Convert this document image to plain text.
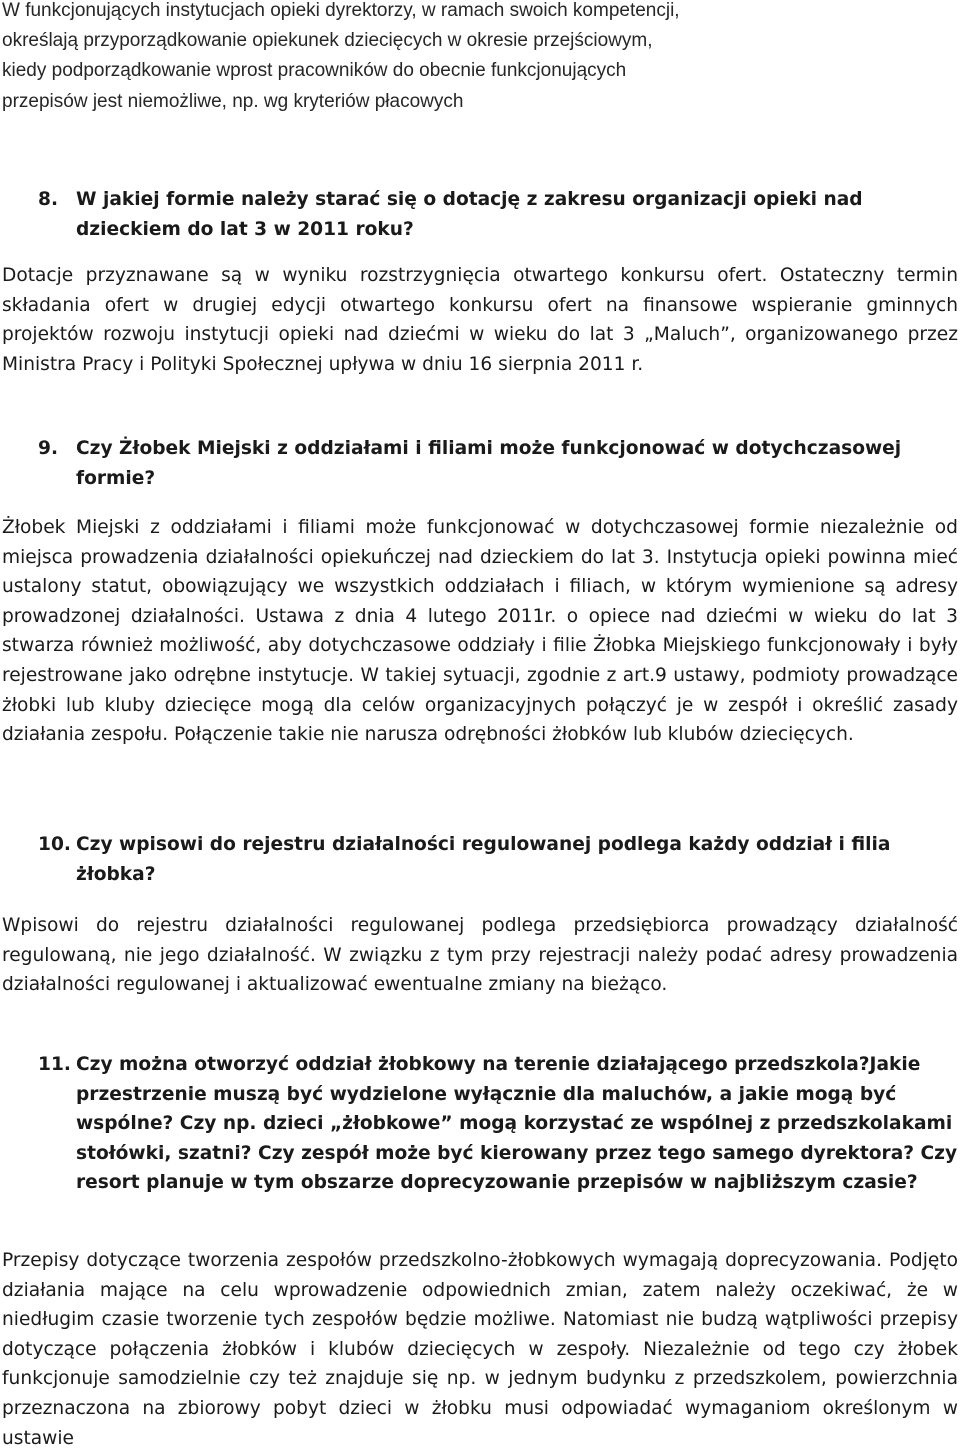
W funkcjonujących instytucjach opieki dyrektorzy, w ramach swoich kompetencji, określają przyporządkowanie opiekunek dziecięcych w okresie przejściowym, kiedy podporządkowanie wprost pracowników do obecnie funkcjonujących przepisów jest niemożliwe, np. wg kryteriów płacowych

8. W jakiej formie należy starać się o dotację z zakresu organizacji opieki nad dzieckiem do lat 3 w 2011 roku?

Dotacje przyznawane są w wyniku rozstrzygnięcia otwartego konkursu ofert. Ostateczny termin składania ofert w drugiej edycji otwartego konkursu ofert na finansowe wspieranie gminnych projektów rozwoju instytucji opieki nad dziećmi w wieku do lat 3 „Maluch”, organizowanego przez Ministra Pracy i Polityki Społecznej upływa w dniu 16 sierpnia 2011 r.

9. Czy Żłobek Miejski z oddziałami i filiami może funkcjonować w dotychczasowej formie?

Żłobek Miejski z oddziałami i filiami może funkcjonować w dotychczasowej formie niezależnie od miejsca prowadzenia działalności opiekuńczej nad dzieckiem do lat 3. Instytucja opieki powinna mieć ustalony statut, obowiązujący we wszystkich oddziałach i filiach, w którym wymienione są adresy prowadzonej działalności. Ustawa z dnia 4 lutego 2011r. o opiece nad dziećmi w wieku do lat 3 stwarza również możliwość, aby dotychczasowe oddziały i filie Żłobka Miejskiego funkcjonowały i były rejestrowane jako odrębne instytucje. W takiej sytuacji, zgodnie z art.9 ustawy, podmioty prowadzące żłobki lub kluby dziecięce mogą dla celów organizacyjnych połączyć je w zespół i określić zasady działania zespołu. Połączenie takie nie narusza odrębności żłobków lub klubów dziecięcych.

10. Czy wpisowi do rejestru działalności regulowanej podlega każdy oddział i filia żłobka?

Wpisowi do rejestru działalności regulowanej podlega przedsiębiorca prowadzący działalność regulowaną, nie jego działalność. W związku z tym przy rejestracji należy podać adresy prowadzenia działalności regulowanej i aktualizować ewentualne zmiany na bieżąco.

11. Czy można otworzyć oddział żłobkowy na terenie działającego przedszkola?Jakie przestrzenie muszą być wydzielone wyłącznie dla maluchów, a jakie mogą być wspólne? Czy np. dzieci „żłobkowe” mogą korzystać ze wspólnej z przedszkolakami stołówki, szatni? Czy zespół może być kierowany przez tego samego dyrektora? Czy resort planuje w tym obszarze doprecyzowanie przepisów w najbliższym czasie?

Przepisy dotyczące tworzenia zespołów przedszkolno-żłobkowych wymagają doprecyzowania. Podjęto działania mające na celu wprowadzenie odpowiednich zmian, zatem należy oczekiwać, że w niedługim czasie tworzenie tych zespołów będzie możliwe. Natomiast nie budzą wątpliwości przepisy dotyczące połączenia żłobków i klubów dziecięcych w zespoły. Niezależnie od tego czy żłobek funkcjonuje samodzielnie czy też znajduje się np. w jednym budynku z przedszkolem, powierzchnia przeznaczona na zbiorowy pobyt dzieci w żłobku musi odpowiadać wymaganiom określonym w ustawie
